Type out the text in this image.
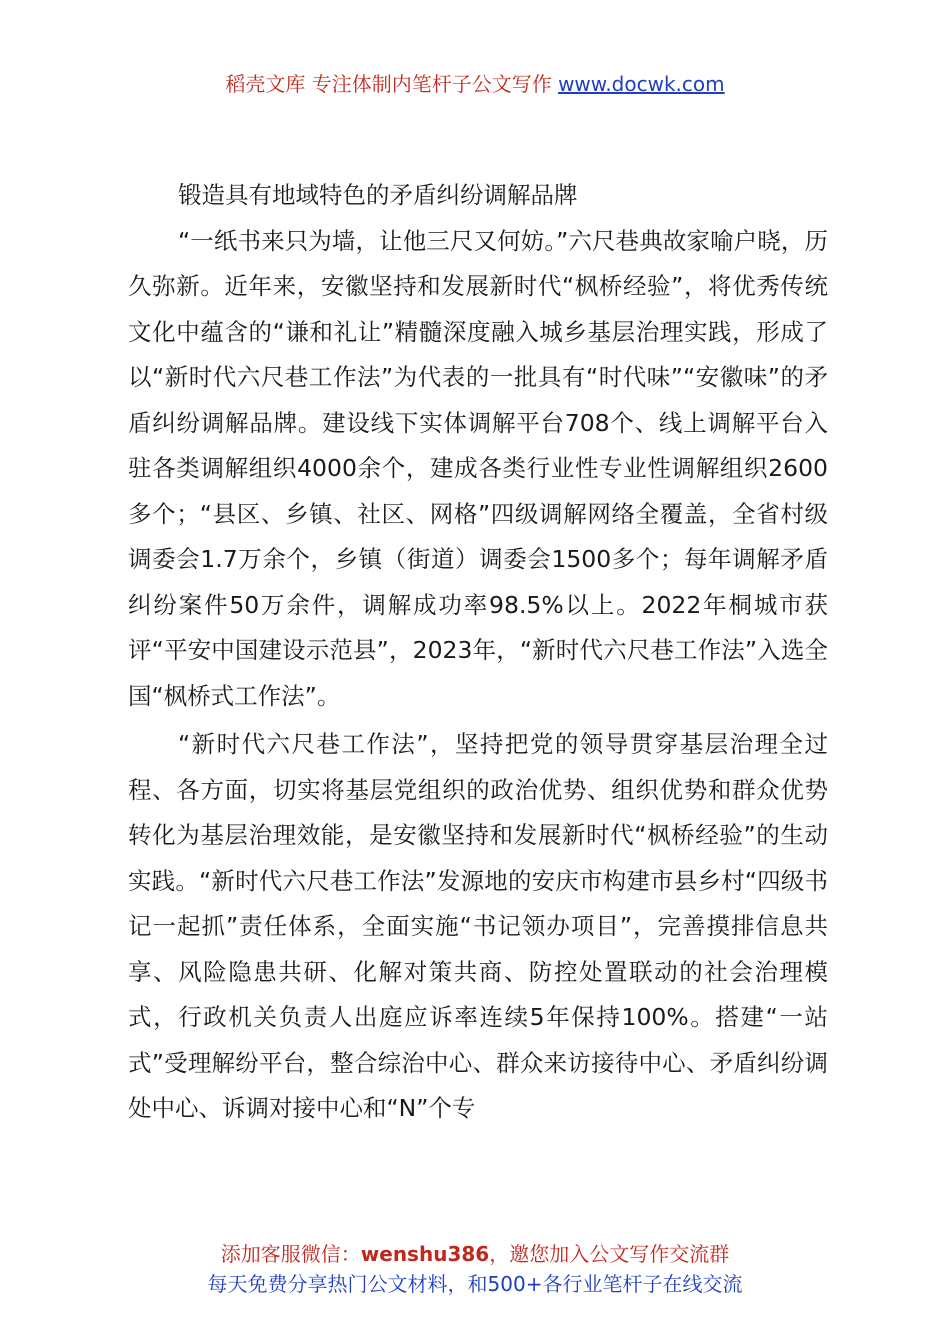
稻壳文库 专注体制内笔杆子公文写作 www.docwk.com

锻造具有地域特色的矛盾纠纷调解品牌

“一纸书来只为墙，让他三尺又何妨。”六尺巷典故家喻户晓，历久弥新。近年来，安徽坚持和发展新时代“枫桥经验”，将优秀传统文化中蕴含的“谦和礼让”精髓深度融入城乡基层治理实践，形成了以“新时代六尺巷工作法”为代表的一批具有“时代味”“安徽味”的矛盾纠纷调解品牌。建设线下实体调解平台708个、线上调解平台入驻各类调解组织4000余个，建成各类行业性专业性调解组织2600多个；“县区、乡镇、社区、网格”四级调解网络全覆盖，全省村级调委会1.7万余个，乡镇（街道）调委会1500多个；每年调解矛盾纠纷案件50万余件，调解成功率98.5%以上。2022年桐城市获评“平安中国建设示范县”，2023年，“新时代六尺巷工作法”入选全国“枫桥式工作法”。

“新时代六尺巷工作法”，坚持把党的领导贯穿基层治理全过程、各方面，切实将基层党组织的政治优势、组织优势和群众优势转化为基层治理效能，是安徽坚持和发展新时代“枫桥经验”的生动实践。“新时代六尺巷工作法”发源地的安庆市构建市县乡村“四级书记一起抓”责任体系，全面实施“书记领办项目”，完善摸排信息共享、风险隐患共研、化解对策共商、防控处置联动的社会治理模式，行政机关负责人出庭应诉率连续5年保持100%。搭建“一站式”受理解纷平台，整合综治中心、群众来访接待中心、矛盾纠纷调处中心、诉调对接中心和“N”个专

添加客服微信：wenshu386，邀您加入公文写作交流群
每天免费分享热门公文材料，和500+各行业笔杆子在线交流
